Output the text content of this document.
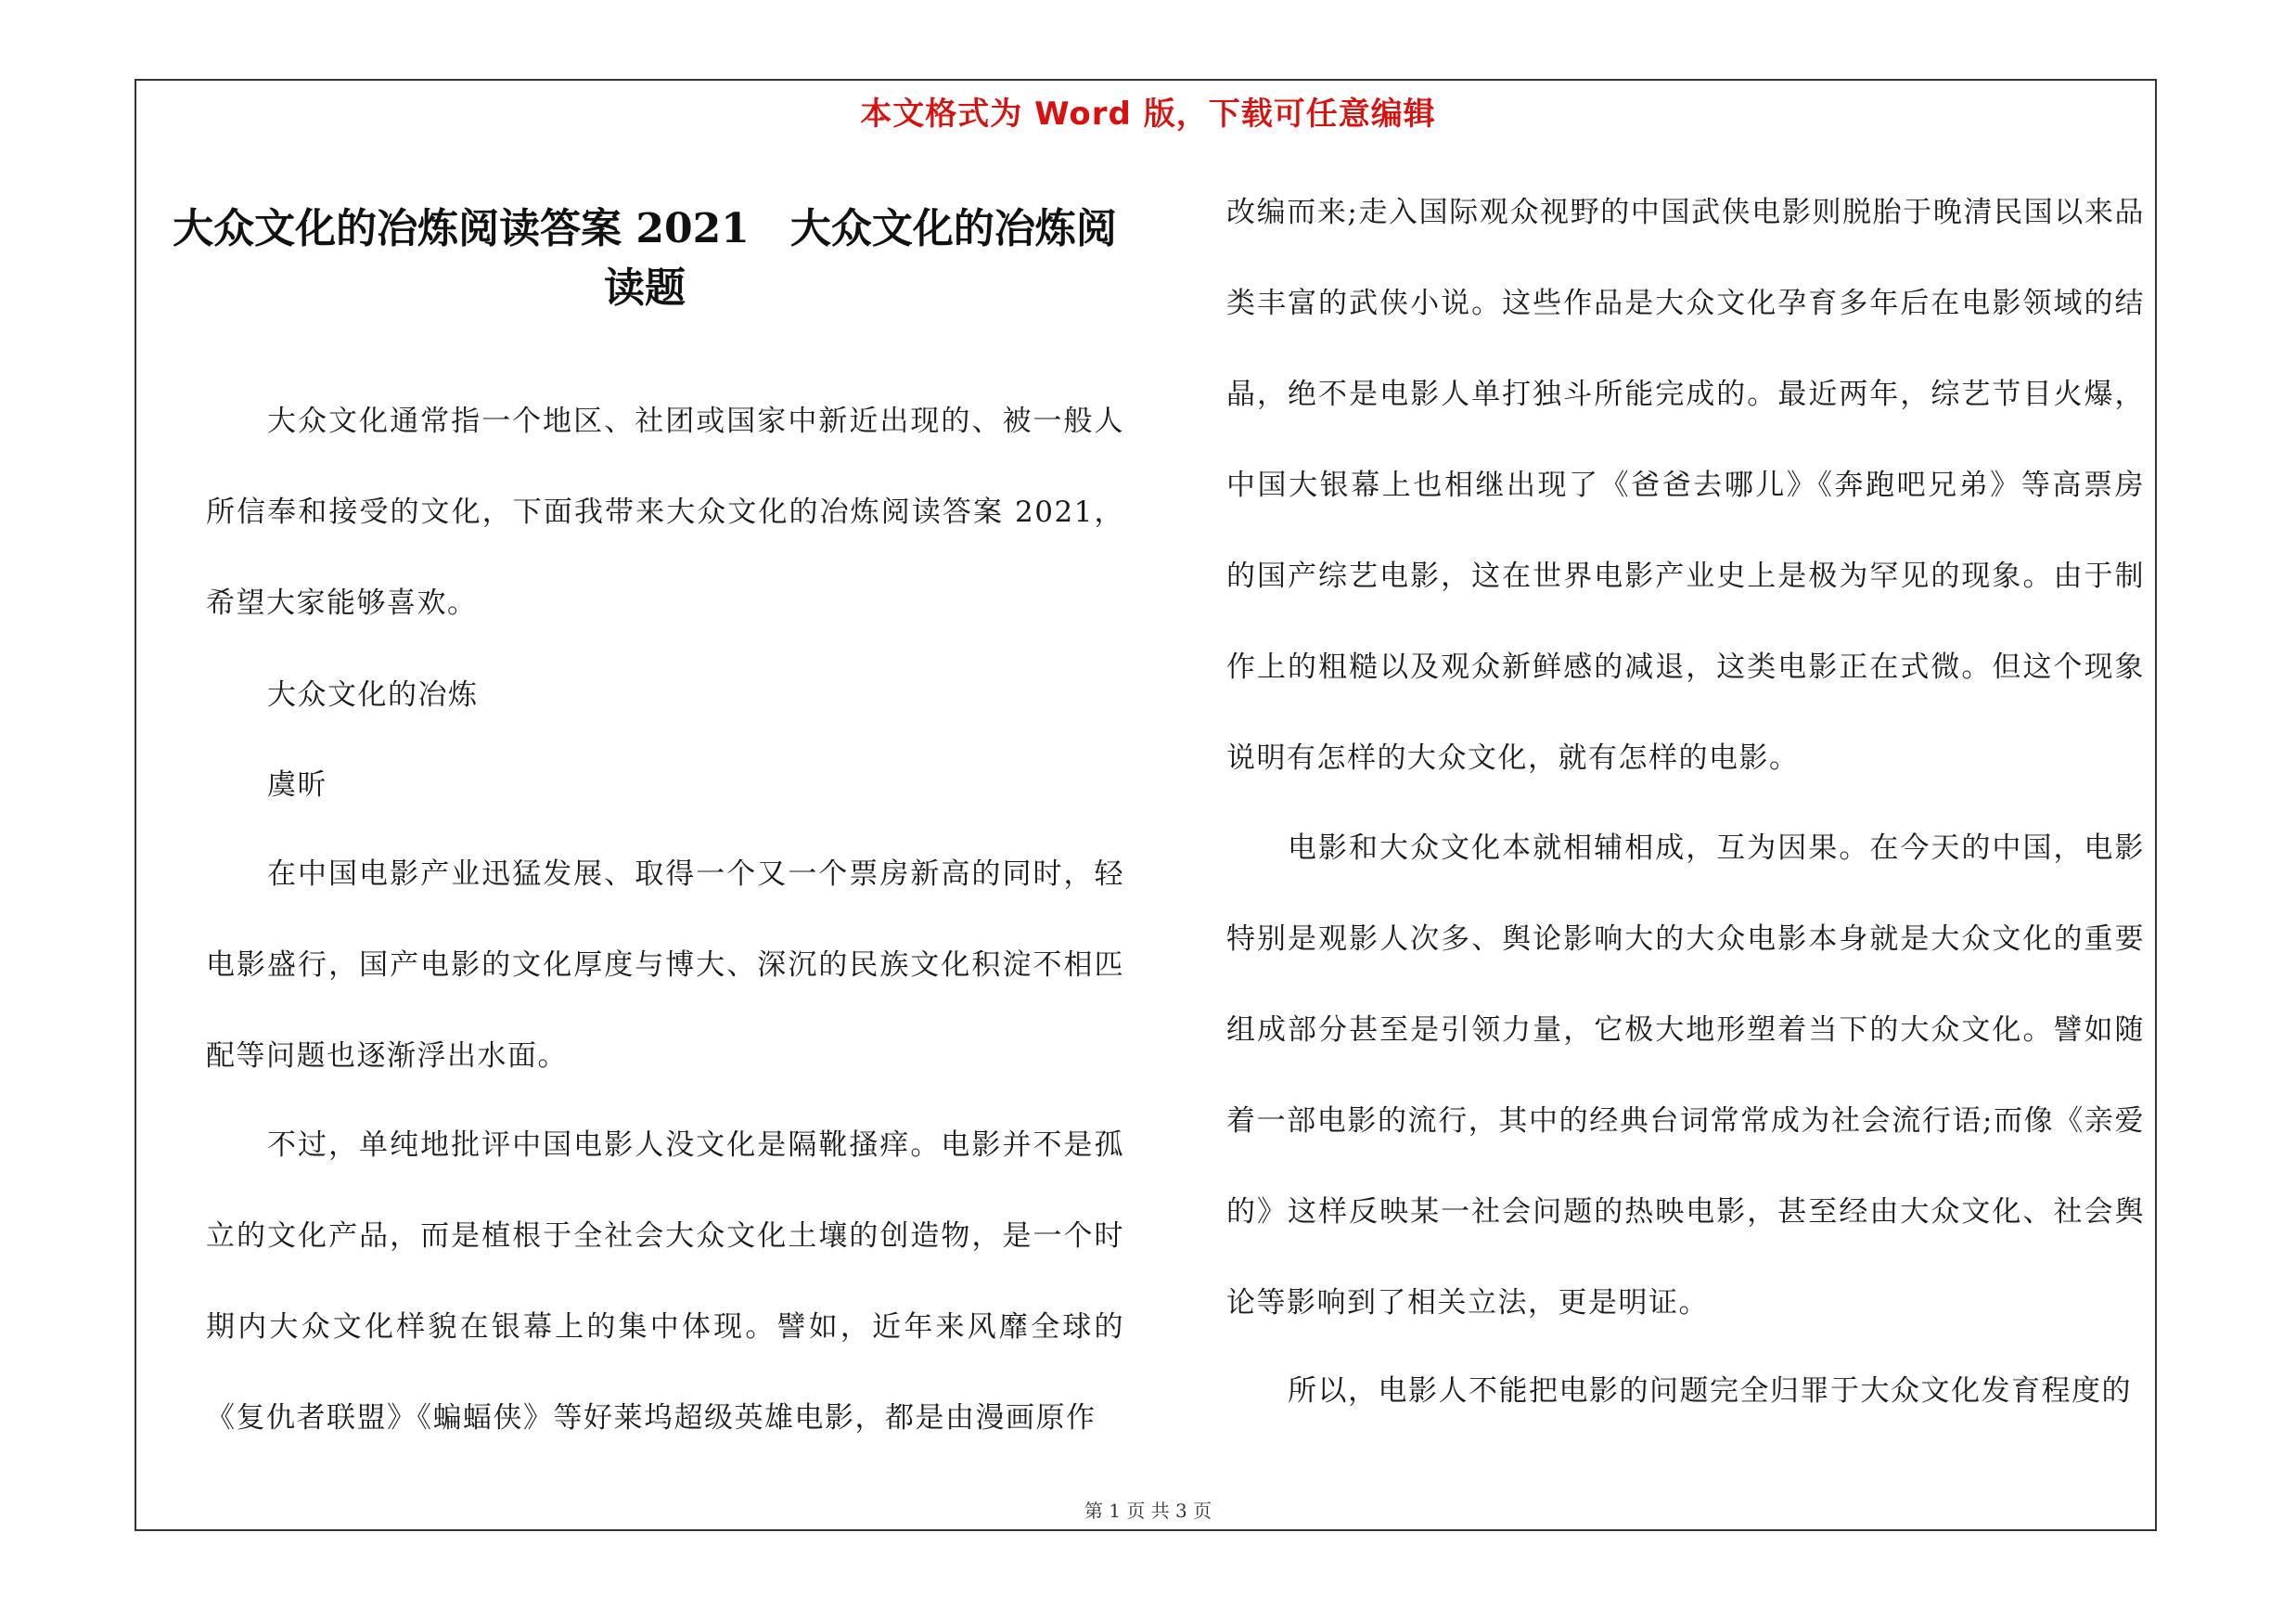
本文格式为 Word 版，下载可任意编辑
大众文化的冶炼阅读答案 2021　大众文化的冶炼阅读题
大众文化通常指一个地区、社团或国家中新近出现的、被一般人所信奉和接受的文化，下面我带来大众文化的冶炼阅读答案 2021，希望大家能够喜欢。
大众文化的冶炼
虞昕
在中国电影产业迅猛发展、取得一个又一个票房新高的同时，轻电影盛行，国产电影的文化厚度与博大、深沉的民族文化积淀不相匹配等问题也逐渐浮出水面。
不过，单纯地批评中国电影人没文化是隔靴搔痒。电影并不是孤立的文化产品，而是植根于全社会大众文化土壤的创造物，是一个时期内大众文化样貌在银幕上的集中体现。譬如，近年来风靡全球的《复仇者联盟》《蝙蝠侠》等好莱坞超级英雄电影，都是由漫画原作
改编而来;走入国际观众视野的中国武侠电影则脱胎于晚清民国以来品类丰富的武侠小说。这些作品是大众文化孕育多年后在电影领域的结晶，绝不是电影人单打独斗所能完成的。最近两年，综艺节目火爆，中国大银幕上也相继出现了《爸爸去哪儿》《奔跑吧兄弟》等高票房的国产综艺电影，这在世界电影产业史上是极为罕见的现象。由于制作上的粗糙以及观众新鲜感的减退，这类电影正在式微。但这个现象说明有怎样的大众文化，就有怎样的电影。
电影和大众文化本就相辅相成，互为因果。在今天的中国，电影特别是观影人次多、舆论影响大的大众电影本身就是大众文化的重要组成部分甚至是引领力量，它极大地形塑着当下的大众文化。譬如随着一部电影的流行，其中的经典台词常常成为社会流行语;而像《亲爱的》这样反映某一社会问题的热映电影，甚至经由大众文化、社会舆论等影响到了相关立法，更是明证。
所以，电影人不能把电影的问题完全归罪于大众文化发育程度的
第 1 页 共 3 页
